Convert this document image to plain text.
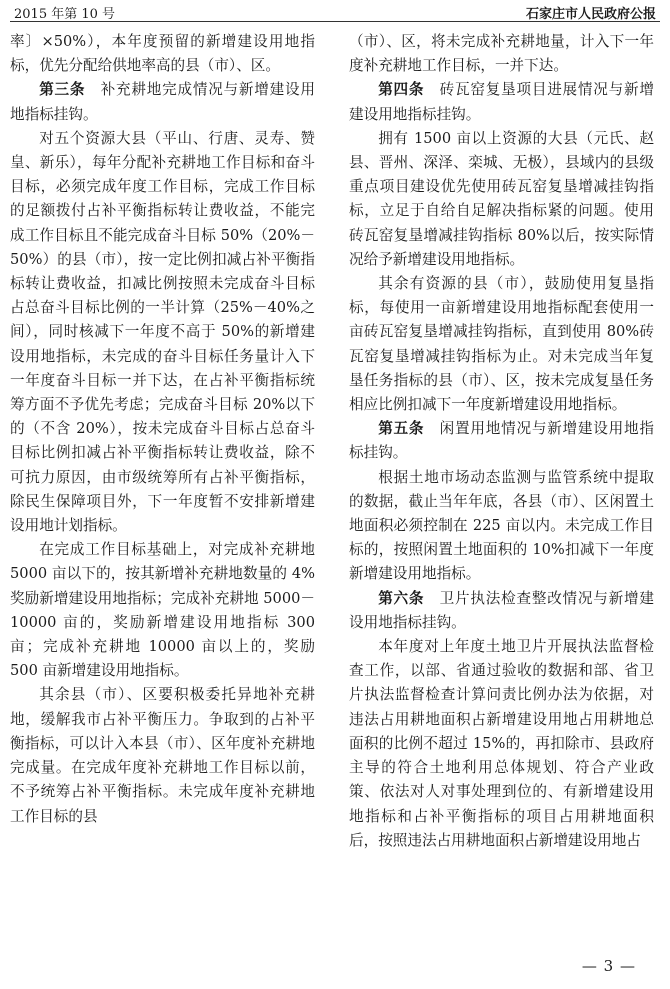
2015 年第 10 号	石家庄市人民政府公报

率〕×50%），本年度预留的新增建设用地指标，优先分配给供地率高的县（市）、区。

第三条　 补充耕地完成情况与新增建设用地指标挂钩。

对五个资源大县（平山、行唐、灵寿、赞皇、新乐），每年分配补充耕地工作目标和奋斗目标，必须完成年度工作目标，完成工作目标的足额拨付占补平衡指标转让费收益，不能完成工作目标且不能完成奋斗目标 50%（20%－50%）的县（市），按一定比例扣减占补平衡指标转让费收益，扣减比例按照未完成奋斗目标占总奋斗目标比例的一半计算（25%－40%之间），同时核减下一年度不高于 50%的新增建设用地指标，未完成的奋斗目标任务量计入下一年度奋斗目标一并下达，在占补平衡指标统筹方面不予优先考虑；完成奋斗目标 20%以下的（不含 20%），按未完成奋斗目标占总奋斗目标比例扣减占补平衡指标转让费收益，除不可抗力原因，由市级统筹所有占补平衡指标，除民生保障项目外，下一年度暂不安排新增建设用地计划指标。

在完成工作目标基础上，对完成补充耕地 5000 亩以下的，按其新增补充耕地数量的 4%奖励新增建设用地指标；完成补充耕地 5000－10000 亩的，奖励新增建设用地指标 300 亩；完成补充耕地 10000 亩以上的，奖励 500 亩新增建设用地指标。

其余县（市）、区要积极委托异地补充耕地，缓解我市占补平衡压力。争取到的占补平衡指标，可以计入本县（市）、区年度补充耕地完成量。在完成年度补充耕地工作目标以前，不予统筹占补平衡指标。未完成年度补充耕地工作目标的县

（市）、区，将未完成补充耕地量，计入下一年度补充耕地工作目标，一并下达。

第四条　 砖瓦窑复垦项目进展情况与新增建设用地指标挂钩。

拥有 1500 亩以上资源的大县（元氏、赵县、晋州、深泽、栾城、无极），县域内的县级重点项目建设优先使用砖瓦窑复垦增减挂钩指标，立足于自给自足解决指标紧的问题。使用砖瓦窑复垦增减挂钩指标 80%以后，按实际情况给予新增建设用地指标。

其余有资源的县（市），鼓励使用复垦指标，每使用一亩新增建设用地指标配套使用一亩砖瓦窑复垦增减挂钩指标，直到使用 80%砖瓦窑复垦增减挂钩指标为止。对未完成当年复垦任务指标的县（市）、区，按未完成复垦任务相应比例扣减下一年度新增建设用地指标。

第五条　 闲置用地情况与新增建设用地指标挂钩。

根据土地市场动态监测与监管系统中提取的数据，截止当年年底，各县（市）、区闲置土地面积必须控制在 225 亩以内。未完成工作目标的，按照闲置土地面积的 10%扣减下一年度新增建设用地指标。

第六条　 卫片执法检查整改情况与新增建设用地指标挂钩。

本年度对上年度土地卫片开展执法监督检查工作，以部、省通过验收的数据和部、省卫片执法监督检查计算问责比例办法为依据，对违法占用耕地面积占新增建设用地占用耕地总面积的比例不超过 15%的，再扣除市、县政府主导的符合土地利用总体规划、符合产业政策、依法对人对事处理到位的、有新增建设用地指标和占补平衡指标的项目占用耕地面积后，按照违法占用耕地面积占新增建设用地占

— 3 —
